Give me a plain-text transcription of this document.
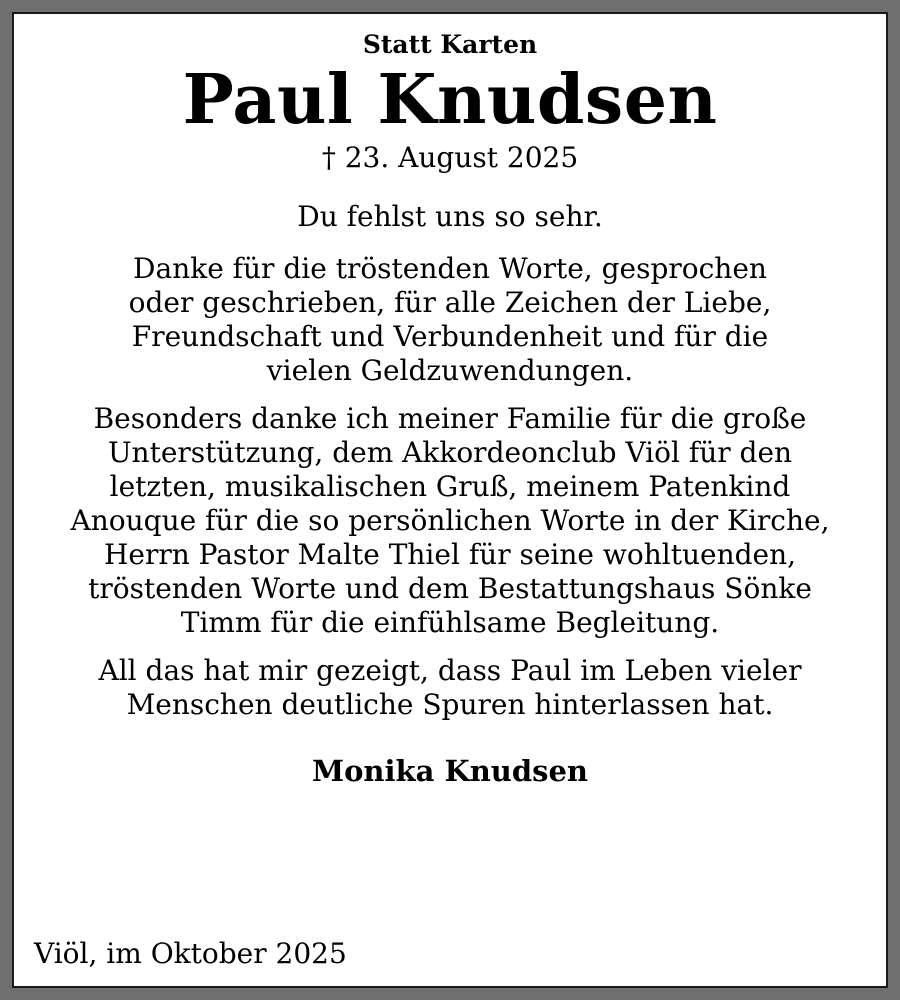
Statt Karten

Paul Knudsen

† 23. August 2025

Du fehlst uns so sehr.

Danke für die tröstenden Worte, gesprochen
oder geschrieben, für alle Zeichen der Liebe,
Freundschaft und Verbundenheit und für die
vielen Geldzuwendungen.

Besonders danke ich meiner Familie für die große
Unterstützung, dem Akkordeonclub Viöl für den
letzten, musikalischen Gruß, meinem Patenkind
Anouque für die so persönlichen Worte in der Kirche,
Herrn Pastor Malte Thiel für seine wohltuenden,
tröstenden Worte und dem Bestattungshaus Sönke
Timm für die einfühlsame Begleitung.

All das hat mir gezeigt, dass Paul im Leben vieler
Menschen deutliche Spuren hinterlassen hat.

Monika Knudsen

Viöl, im Oktober 2025
